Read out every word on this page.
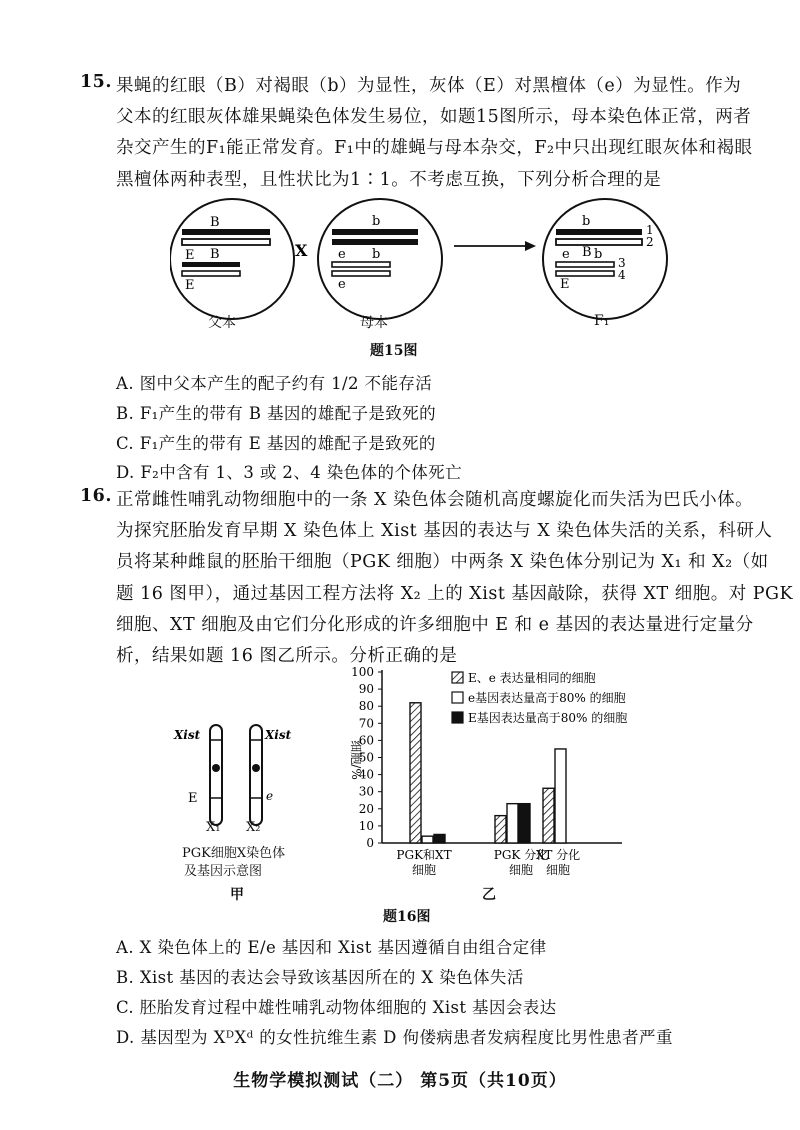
15. 果蝇的红眼（B）对褐眼（b）为显性，灰体（E）对黑檀体（e）为显性。作为
父本的红眼灰体雄果蝇染色体发生易位，如题15图所示，母本染色体正常，两者
杂交产生的F₁能正常发育。F₁中的雄蝇与母本杂交，F₂中只出现红眼灰体和褐眼
黑檀体两种表型，且性状比为1∶1。不考虑互换，下列分析合理的是
B
B
E
E
X
b
e b
e
b
B
e b
E
1
2
3
4
父本	母本	F₁
题15图
A. 图中父本产生的配子约有 1/2 不能存活
B. F₁产生的带有 B 基因的雄配子是致死的
C. F₁产生的带有 E 基因的雄配子是致死的
D. F₂中含有 1、3 或 2、4 染色体的个体死亡
16. 正常雌性哺乳动物细胞中的一条 X 染色体会随机高度螺旋化而失活为巴氏小体。
为探究胚胎发育早期 X 染色体上 Xist 基因的表达与 X 染色体失活的关系，科研人
员将某种雌鼠的胚胎干细胞（PGK 细胞）中两条 X 染色体分别记为 X₁ 和 X₂（如
题 16 图甲），通过基因工程方法将 X₂ 上的 Xist 基因敲除，获得 XT 细胞。对 PGK
细胞、XT 细胞及由它们分化形成的许多细胞中 E 和 e 基因的表达量进行定量分
析，结果如题 16 图乙所示。分析正确的是
Xist	Xist
E	e
X₁ X₂
PGK细胞X染色体
及基因示意图
甲
0
10
20
30
40
50
60
70
80
90
100
细胞/%
PGK和XT
细胞
PGK 分化
细胞
XT 分化
细胞
E、e 表达量相同的细胞
e基因表达量高于80% 的细胞
E基因表达量高于80% 的细胞
乙
题16图
A. X 染色体上的 E/e 基因和 Xist 基因遵循自由组合定律
B. Xist 基因的表达会导致该基因所在的 X 染色体失活
C. 胚胎发育过程中雄性哺乳动物体细胞的 Xist 基因会表达
D. 基因型为 XᴰXᵈ 的女性抗维生素 D 佝偻病患者发病程度比男性患者严重
生物学模拟测试（二） 第5页（共10页）
